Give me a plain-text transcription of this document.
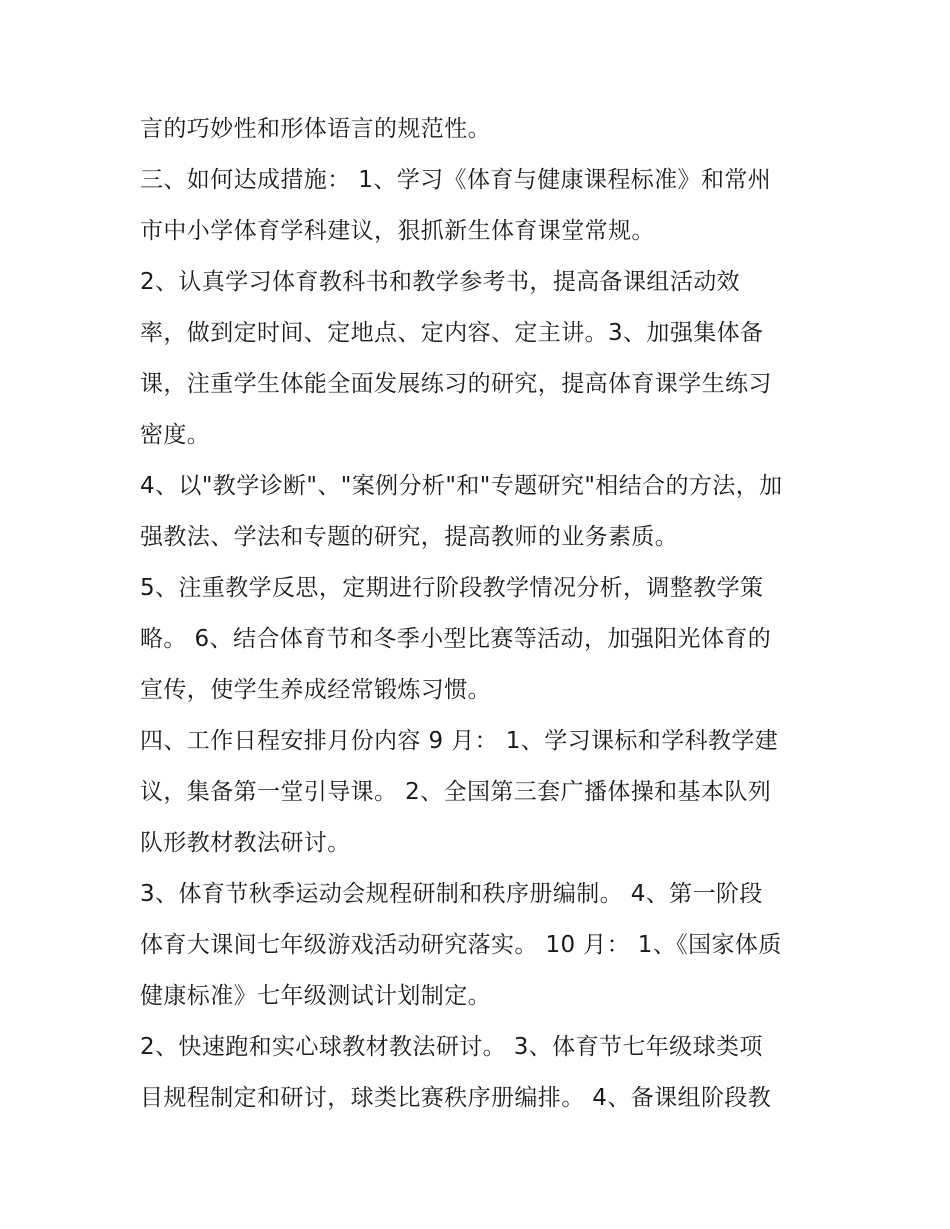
言的巧妙性和形体语言的规范性。

三、如何达成措施： 1、学习《体育与健康课程标准》和常州
市中小学体育学科建议，狠抓新生体育课堂常规。

2、认真学习体育教科书和教学参考书，提高备课组活动效
率，做到定时间、定地点、定内容、定主讲。3、加强集体备
课，注重学生体能全面发展练习的研究，提高体育课学生练习
密度。

4、以"教学诊断"、"案例分析"和"专题研究"相结合的方法，加
强教法、学法和专题的研究，提高教师的业务素质。

5、注重教学反思，定期进行阶段教学情况分析，调整教学策
略。 6、结合体育节和冬季小型比赛等活动，加强阳光体育的
宣传，使学生养成经常锻炼习惯。

四、工作日程安排月份内容 9 月： 1、学习课标和学科教学建
议，集备第一堂引导课。 2、全国第三套广播体操和基本队列
队形教材教法研讨。

3、体育节秋季运动会规程研制和秩序册编制。 4、第一阶段
体育大课间七年级游戏活动研究落实。 10 月： 1、《国家体质
健康标准》七年级测试计划制定。

2、快速跑和实心球教材教法研讨。 3、体育节七年级球类项
目规程制定和研讨，球类比赛秩序册编排。 4、备课组阶段教
